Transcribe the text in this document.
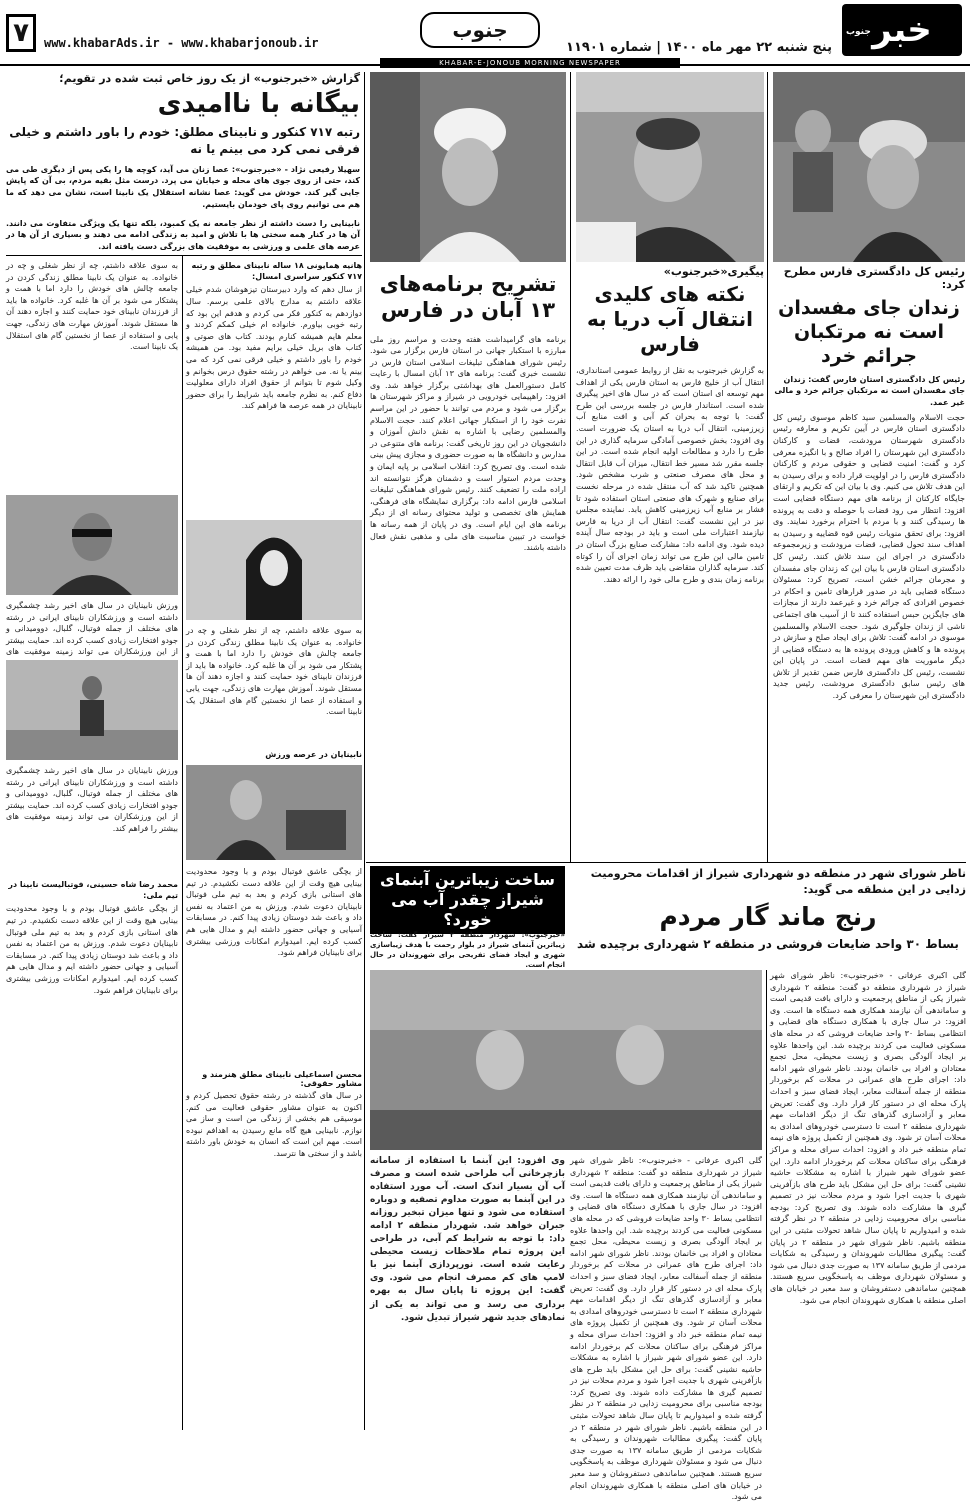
خبر
جنوب
پنج شنبه ۲۲ مهر ماه ۱۴۰۰ | شماره ۱۱۹۰۱
جنوب
www.khabarAds.ir - www.khabarjonoub.ir
۷
KHABAR-E-JONOUB MORNING NEWSPAPER
رئیس کل دادگستری فارس مطرح کرد:
زندان جای مفسدان است نه مرتکبان جرائم خرد
رئیس کل دادگستری استان فارس گفت: زندان جای مفسدان است نه مرتکبان جرائم خرد و مالی غیر عمد.
حجت الاسلام والمسلمین سید کاظم موسوی رئیس کل دادگستری استان فارس در آیین تکریم و معارفه رئیس دادگستری شهرستان مرودشت، قضات و کارکنان دادگستری این شهرستان را افراد صالح و با انگیزه معرفی کرد و گفت: امنیت قضایی و حقوقی مردم و کارکنان دادگستری فارس را در اولویت قرار داده و برای رسیدن به این هدف تلاش می کنیم. وی با بیان این که تکریم و ارتقای جایگاه کارکنان از برنامه های مهم دستگاه قضایی است افزود: انتظار می رود قضات با حوصله و دقت به پرونده ها رسیدگی کنند و با مردم با احترام برخورد نمایند. وی افزود: برای تحقق منویات رئیس قوه قضاییه و رسیدن به اهداف سند تحول قضایی، قضات مرودشت و زیرمجموعه دادگستری در اجرای این سند تلاش کنند. رئیس کل دادگستری استان فارس با بیان این که زندان جای مفسدان و مجرمان جرائم خشن است، تصریح کرد: مسئولان دستگاه قضایی باید در صدور قرارهای تامین و احکام در خصوص افرادی که جرائم خرد و غیرعمد دارند از مجازات های جایگزین حبس استفاده کنند تا از آسیب های اجتماعی ناشی از زندان جلوگیری شود. حجت الاسلام والمسلمین موسوی در ادامه گفت: تلاش برای ایجاد صلح و سازش در پرونده ها و کاهش ورودی پرونده ها به دستگاه قضایی از دیگر ماموریت های مهم قضات است. در پایان این نشست، رئیس کل دادگستری فارس ضمن تقدیر از تلاش های رئیس سابق دادگستری مرودشت، رئیس جدید دادگستری این شهرستان را معرفی کرد.
پیگیری«خبرجنوب»
نکته های کلیدی انتقال آب دریا به فارس
به گزارش خبرجنوب به نقل از روابط عمومی استانداری، انتقال آب از خلیج فارس به استان فارس یکی از اهداف مهم توسعه ای استان است که در سال های اخیر پیگیری شده است. استاندار فارس در جلسه بررسی این طرح گفت: با توجه به بحران کم آبی و افت منابع آب زیرزمینی، انتقال آب دریا به استان یک ضرورت است. وی افزود: بخش خصوصی آمادگی سرمایه گذاری در این طرح را دارد و مطالعات اولیه انجام شده است. در این جلسه مقرر شد مسیر خط انتقال، میزان آب قابل انتقال و محل های مصرف صنعتی و شرب مشخص شود. همچنین تاکید شد که آب منتقل شده در مرحله نخست برای صنایع و شهرک های صنعتی استان استفاده شود تا فشار بر منابع آب زیرزمینی کاهش یابد. نماینده مجلس نیز در این نشست گفت: انتقال آب از دریا به فارس نیازمند اعتبارات ملی است و باید در بودجه سال آینده دیده شود. وی ادامه داد: مشارکت صنایع بزرگ استان در تامین مالی این طرح می تواند زمان اجرای آن را کوتاه کند. سرمایه گذاران متقاضی باید ظرف مدت تعیین شده برنامه زمان بندی و طرح مالی خود را ارائه دهند.
تشریح برنامه‌های ۱۳ آبان در فارس
برنامه های گرامیداشت هفته وحدت و مراسم روز ملی مبارزه با استکبار جهانی در استان فارس برگزار می شود. رئیس شورای هماهنگی تبلیغات اسلامی استان فارس در نشست خبری گفت: برنامه های ۱۳ آبان امسال با رعایت کامل دستورالعمل های بهداشتی برگزار خواهد شد. وی افزود: راهپیمایی خودرویی در شیراز و مراکز شهرستان ها برگزار می شود و مردم می توانند با حضور در این مراسم نفرت خود را از استکبار جهانی اعلام کنند. حجت الاسلام والمسلمین رضایی با اشاره به نقش دانش آموزان و دانشجویان در این روز تاریخی گفت: برنامه های متنوعی در مدارس و دانشگاه ها به صورت حضوری و مجازی پیش بینی شده است. وی تصریح کرد: انقلاب اسلامی بر پایه ایمان و وحدت مردم استوار است و دشمنان هرگز نتوانسته اند اراده ملت را تضعیف کنند. رئیس شورای هماهنگی تبلیغات اسلامی فارس ادامه داد: برگزاری نمایشگاه های فرهنگی، همایش های تخصصی و تولید محتوای رسانه ای از دیگر برنامه های این ایام است. وی در پایان از همه رسانه ها خواست در تبیین مناسبت های ملی و مذهبی نقش فعال داشته باشند.
ناظر شورای شهر در منطقه دو شهرداری شیراز از اقدامات محرومیت زدایی در این منطقه می گوید:
رنج ماند گار مردم
بساط ۳۰ واحد ضایعات فروشی در منطقه ۲ شهرداری برچیده شد
گلی اکبری عرفانی - «خبرجنوب»: ناظر شورای شهر شیراز در شهرداری منطقه دو گفت: منطقه ۲ شهرداری شیراز یکی از مناطق پرجمعیت و دارای بافت قدیمی است و ساماندهی آن نیازمند همکاری همه دستگاه ها است. وی افزود: در سال جاری با همکاری دستگاه های قضایی و انتظامی بساط ۳۰ واحد ضایعات فروشی که در محله های مسکونی فعالیت می کردند برچیده شد. این واحدها علاوه بر ایجاد آلودگی بصری و زیست محیطی، محل تجمع معتادان و افراد بی خانمان بودند. ناظر شورای شهر ادامه داد: اجرای طرح های عمرانی در محلات کم برخوردار منطقه از جمله آسفالت معابر، ایجاد فضای سبز و احداث پارک محله ای در دستور کار قرار دارد. وی گفت: تعریض معابر و آزادسازی گذرهای تنگ از دیگر اقدامات مهم شهرداری منطقه ۲ است تا دسترسی خودروهای امدادی به محلات آسان تر شود. وی همچنین از تکمیل پروژه های نیمه تمام منطقه خبر داد و افزود: احداث سرای محله و مراکز فرهنگی برای ساکنان محلات کم برخوردار ادامه دارد. این عضو شورای شهر شیراز با اشاره به مشکلات حاشیه نشینی گفت: برای حل این مشکل باید طرح های بازآفرینی شهری با جدیت اجرا شود و مردم محلات نیز در تصمیم گیری ها مشارکت داده شوند. وی تصریح کرد: بودجه مناسبی برای محرومیت زدایی در منطقه ۲ در نظر گرفته شده و امیدواریم تا پایان سال شاهد تحولات مثبتی در این منطقه باشیم. ناظر شورای شهر در منطقه ۲ در پایان گفت: پیگیری مطالبات شهروندان و رسیدگی به شکایات مردمی از طریق سامانه ۱۳۷ به صورت جدی دنبال می شود و مسئولان شهرداری موظف به پاسخگویی سریع هستند. همچنین ساماندهی دستفروشان و سد معبر در خیابان های اصلی منطقه با همکاری شهروندان انجام می شود.
گلی اکبری عرفانی - «خبرجنوب»: ناظر شورای شهر شیراز در شهرداری منطقه دو گفت: منطقه ۲ شهرداری شیراز یکی از مناطق پرجمعیت و دارای بافت قدیمی است و ساماندهی آن نیازمند همکاری همه دستگاه ها است. وی افزود: در سال جاری با همکاری دستگاه های قضایی و انتظامی بساط ۳۰ واحد ضایعات فروشی که در محله های مسکونی فعالیت می کردند برچیده شد. این واحدها علاوه بر ایجاد آلودگی بصری و زیست محیطی، محل تجمع معتادان و افراد بی خانمان بودند. ناظر شورای شهر ادامه داد: اجرای طرح های عمرانی در محلات کم برخوردار منطقه از جمله آسفالت معابر، ایجاد فضای سبز و احداث پارک محله ای در دستور کار قرار دارد. وی گفت: تعریض معابر و آزادسازی گذرهای تنگ از دیگر اقدامات مهم شهرداری منطقه ۲ است تا دسترسی خودروهای امدادی به محلات آسان تر شود. وی همچنین از تکمیل پروژه های نیمه تمام منطقه خبر داد و افزود: احداث سرای محله و مراکز فرهنگی برای ساکنان محلات کم برخوردار ادامه دارد. این عضو شورای شهر شیراز با اشاره به مشکلات حاشیه نشینی گفت: برای حل این مشکل باید طرح های بازآفرینی شهری با جدیت اجرا شود و مردم محلات نیز در تصمیم گیری ها مشارکت داده شوند. وی تصریح کرد: بودجه مناسبی برای محرومیت زدایی در منطقه ۲ در نظر گرفته شده و امیدواریم تا پایان سال شاهد تحولات مثبتی در این منطقه باشیم. ناظر شورای شهر در منطقه ۲ در پایان گفت: پیگیری مطالبات شهروندان و رسیدگی به شکایات مردمی از طریق سامانه ۱۳۷ به صورت جدی دنبال می شود و مسئولان شهرداری موظف به پاسخگویی سریع هستند. همچنین ساماندهی دستفروشان و سد معبر در خیابان های اصلی منطقه با همکاری شهروندان انجام می شود.
ساخت زیباترین آبنمای شیراز چقدر آب می خورد؟
«خبرجنوب»: شهردار منطقه ۲ شیراز گفت: ساخت زیباترین آبنمای شیراز در بلوار رحمت با هدف زیباسازی شهری و ایجاد فضای تفریحی برای شهروندان در حال انجام است.
وی افزود: این آبنما با استفاده از سامانه بازچرخانی آب طراحی شده است و مصرف آب آن بسیار اندک است. آب مورد استفاده در این آبنما به صورت مداوم تصفیه و دوباره استفاده می شود و تنها میزان تبخیر روزانه جبران خواهد شد. شهردار منطقه ۲ ادامه داد: با توجه به شرایط کم آبی، در طراحی این پروژه تمام ملاحظات زیست محیطی رعایت شده است. نورپردازی آبنما نیز با لامپ های کم مصرف انجام می شود. وی گفت: این پروژه تا پایان سال به بهره برداری می رسد و می تواند به یکی از نمادهای جدید شهر شیراز تبدیل شود.
گزارش «خبرجنوب» از یک روز خاص ثبت شده در تقویم؛
بیگانه با ناامیدی
رتبه ۷۱۷ کنکور و نابینای مطلق: خودم را باور داشتم و خیلی فرقی نمی کرد می بینم یا نه
سهیلا رفیعی نژاد - «خبرجنوب»: عصا زنان می آید، کوچه ها را یکی پس از دیگری طی می کند، حتی از روی جوی های محله و خیابان می پرد. درست مثل بقیه مردم، بی آن که پایش جایی گیر کند. خودش می گوید: عصا نشانه استقلال یک نابینا است، نشان می دهد که ما هم می توانیم روی پای خودمان بایستیم.
نابینایی را دست داشته از نظر جامعه نه یک کمبود، بلکه تنها یک ویژگی متفاوت می دانند. آن ها در کنار همه سختی ها با تلاش و امید به زندگی ادامه می دهند و بسیاری از آن ها در عرصه های علمی و ورزشی به موفقیت های بزرگی دست یافته اند.
هانیه همایونی ۱۸ ساله نابینای مطلق و رتبه ۷۱۷ کنکور سراسری امسال:
از سال دهم که وارد دبیرستان تیزهوشان شدم خیلی علاقه داشتم به مدارج بالای علمی برسم. سال دوازدهم به کنکور فکر می کردم و هدفم این بود که رتبه خوبی بیاورم. خانواده ام خیلی کمکم کردند و معلم هایم همیشه کنارم بودند. کتاب های صوتی و کتاب های بریل خیلی برایم مفید بود. من همیشه خودم را باور داشتم و خیلی فرقی نمی کرد که می بینم یا نه. می خواهم در رشته حقوق درس بخوانم و وکیل شوم تا بتوانم از حقوق افراد دارای معلولیت دفاع کنم. به نظرم جامعه باید شرایط را برای حضور نابینایان در همه عرصه ها فراهم کند.
به سوی علاقه داشتم، چه از نظر شغلی و چه در خانواده. به عنوان یک نابینا مطلق زندگی کردن در جامعه چالش های خودش را دارد اما با همت و پشتکار می شود بر آن ها غلبه کرد. خانواده ها باید از فرزندان نابینای خود حمایت کنند و اجازه دهند آن ها مستقل شوند. آموزش مهارت های زندگی، جهت یابی و استفاده از عصا از نخستین گام های استقلال یک نابینا است.
به سوی علاقه داشتم، چه از نظر شغلی و چه در خانواده. به عنوان یک نابینا مطلق زندگی کردن در جامعه چالش های خودش را دارد اما با همت و پشتکار می شود بر آن ها غلبه کرد. خانواده ها باید از فرزندان نابینای خود حمایت کنند و اجازه دهند آن ها مستقل شوند. آموزش مهارت های زندگی، جهت یابی و استفاده از عصا از نخستین گام های استقلال یک نابینا است.
ورزش نابینایان در سال های اخیر رشد چشمگیری داشته است و ورزشکاران نابینای ایرانی در رشته های مختلف از جمله فوتبال، گلبال، دوومیدانی و جودو افتخارات زیادی کسب کرده اند. حمایت بیشتر از این ورزشکاران می تواند زمینه موفقیت های
نابینایان در عرصه ورزش
از بچگی عاشق فوتبال بودم و با وجود محدودیت بینایی هیچ وقت از این علاقه دست نکشیدم. در تیم های استانی بازی کردم و بعد به تیم ملی فوتبال نابینایان دعوت شدم. ورزش به من اعتماد به نفس داد و باعث شد دوستان زیادی پیدا کنم. در مسابقات آسیایی و جهانی حضور داشته ایم و مدال هایی هم کسب کرده ایم. امیدوارم امکانات ورزشی بیشتری برای نابینایان فراهم شود.
محسن اسماعیلی نابینای مطلق هنرمند و مشاور حقوقی:
در سال های گذشته در رشته حقوق تحصیل کردم و اکنون به عنوان مشاور حقوقی فعالیت می کنم. موسیقی هم بخشی از زندگی من است و ساز می نوازم. نابینایی هیچ گاه مانع رسیدن به اهدافم نبوده است. مهم این است که انسان به خودش باور داشته باشد و از سختی ها نترسد.
ورزش نابینایان در سال های اخیر رشد چشمگیری داشته است و ورزشکاران نابینای ایرانی در رشته های مختلف از جمله فوتبال، گلبال، دوومیدانی و جودو افتخارات زیادی کسب کرده اند. حمایت بیشتر از این ورزشکاران می تواند زمینه موفقیت های بیشتر را فراهم کند.
محمد رضا شاه حسینی، فوتبالیست نابینا در تیم ملی:
از بچگی عاشق فوتبال بودم و با وجود محدودیت بینایی هیچ وقت از این علاقه دست نکشیدم. در تیم های استانی بازی کردم و بعد به تیم ملی فوتبال نابینایان دعوت شدم. ورزش به من اعتماد به نفس داد و باعث شد دوستان زیادی پیدا کنم. در مسابقات آسیایی و جهانی حضور داشته ایم و مدال هایی هم کسب کرده ایم. امیدوارم امکانات ورزشی بیشتری برای نابینایان فراهم شود.
